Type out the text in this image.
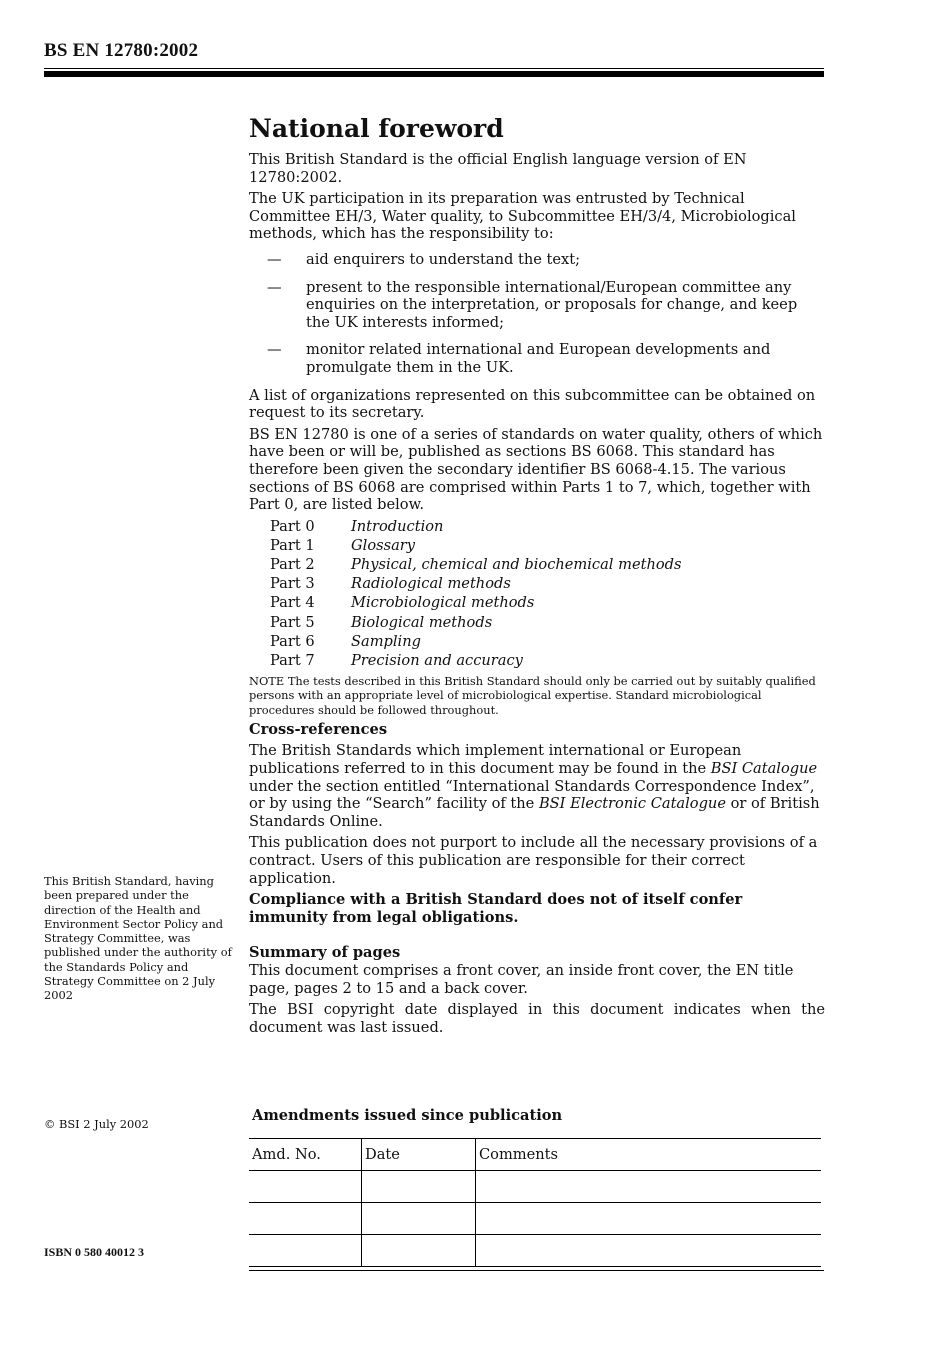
BS EN 12780:2002

National foreword

This British Standard is the official English language version of EN 12780:2002.

The UK participation in its preparation was entrusted by Technical Committee EH/3, Water quality, to Subcommittee EH/3/4, Microbiological methods, which has the responsibility to:

— aid enquirers to understand the text;
— present to the responsible international/European committee any enquiries on the interpretation, or proposals for change, and keep the UK interests informed;
— monitor related international and European developments and promulgate them in the UK.

A list of organizations represented on this subcommittee can be obtained on request to its secretary.

BS EN 12780 is one of a series of standards on water quality, others of which have been or will be, published as sections BS 6068. This standard has therefore been given the secondary identifier BS 6068-4.15. The various sections of BS 6068 are comprised within Parts 1 to 7, which, together with Part 0, are listed below.

Part 0	Introduction
Part 1	Glossary
Part 2	Physical, chemical and biochemical methods
Part 3	Radiological methods
Part 4	Microbiological methods
Part 5	Biological methods
Part 6	Sampling
Part 7	Precision and accuracy

NOTE The tests described in this British Standard should only be carried out by suitably qualified persons with an appropriate level of microbiological expertise. Standard microbiological procedures should be followed throughout.

Cross-references

The British Standards which implement international or European publications referred to in this document may be found in the BSI Catalogue under the section entitled “International Standards Correspondence Index”, or by using the “Search” facility of the BSI Electronic Catalogue or of British Standards Online.

This publication does not purport to include all the necessary provisions of a contract. Users of this publication are responsible for their correct application.

Compliance with a British Standard does not of itself confer immunity from legal obligations.

Summary of pages

This document comprises a front cover, an inside front cover, the EN title page, pages 2 to 15 and a back cover.

The BSI copyright date displayed in this document indicates when the document was last issued.

This British Standard, having been prepared under the direction of the Health and Environment Sector Policy and Strategy Committee, was published under the authority of the Standards Policy and Strategy Committee on 2 July 2002
© BSI 2 July 2002
ISBN 0 580 40012 3
Amendments issued since publication
Amd. No.	Date	Comments
